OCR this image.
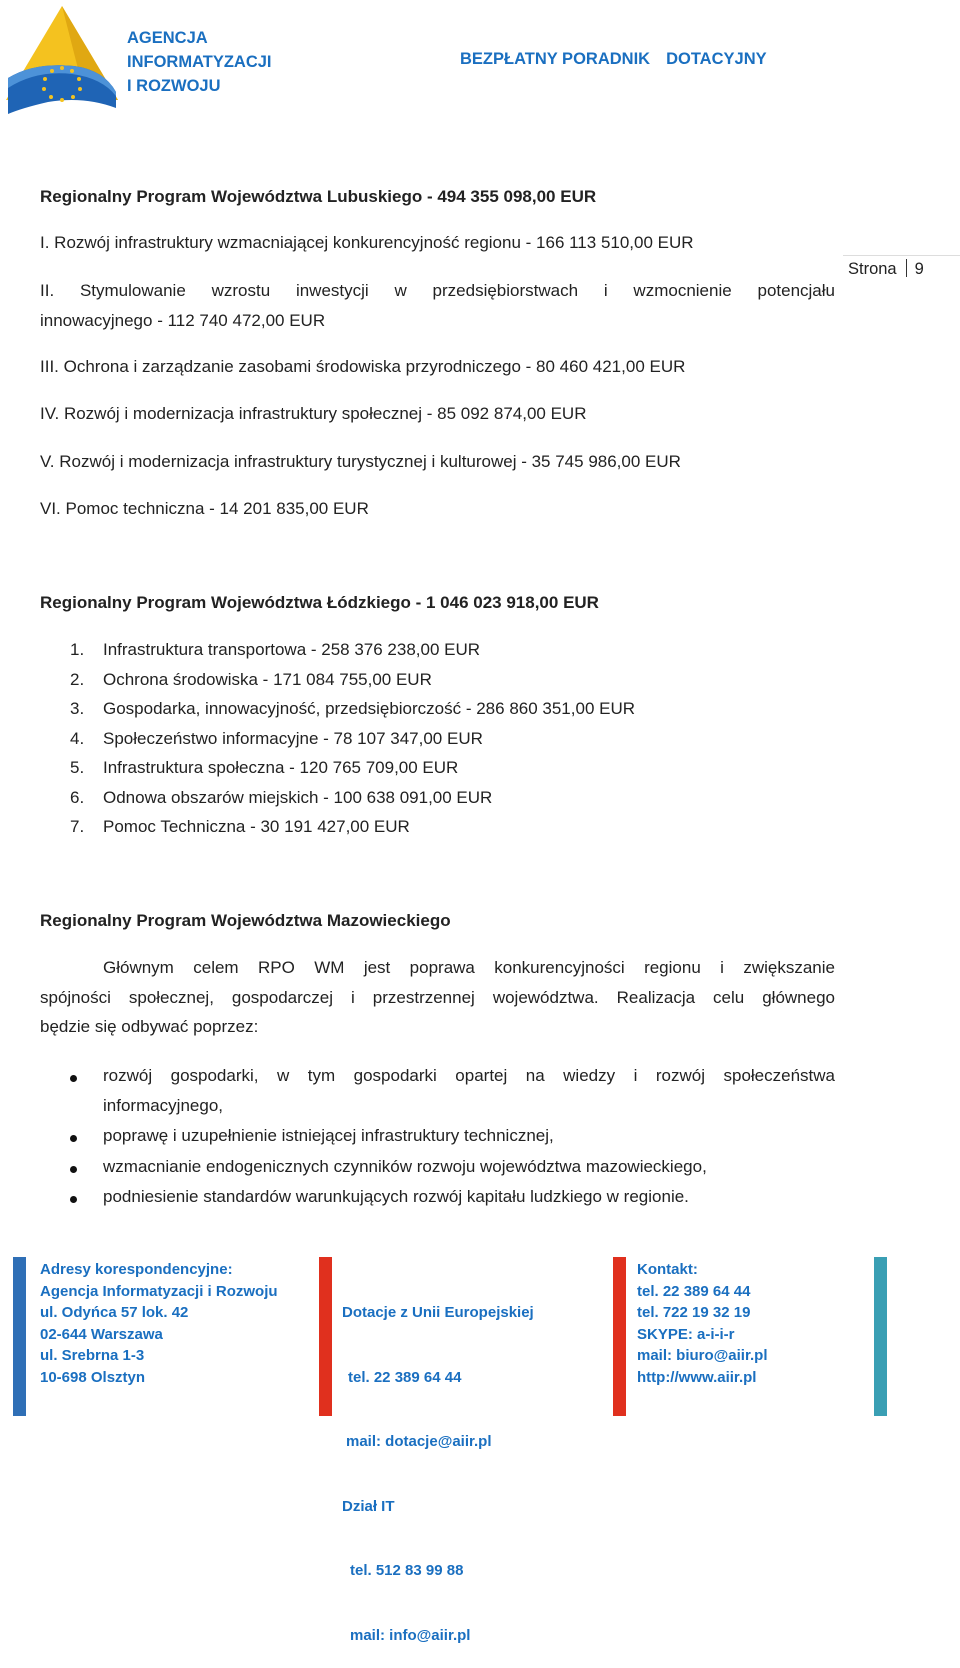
AGENCJA
INFORMATYZACJI
I ROZWOJU
BEZPŁATNY PORADNIK DOTACYJNY
Strona 9
Regionalny Program Województwa Lubuskiego - 494 355 098,00 EUR
I. Rozwój infrastruktury wzmacniającej konkurencyjność regionu - 166 113 510,00 EUR
II. Stymulowanie wzrostu inwestycji w przedsiębiorstwach i wzmocnienie potencjału
innowacyjnego - 112 740 472,00 EUR
III. Ochrona i zarządzanie zasobami środowiska przyrodniczego - 80 460 421,00 EUR
IV. Rozwój i modernizacja infrastruktury społecznej - 85 092 874,00 EUR
V. Rozwój i modernizacja infrastruktury turystycznej i kulturowej - 35 745 986,00 EUR
VI. Pomoc techniczna - 14 201 835,00 EUR
Regionalny Program Województwa Łódzkiego - 1 046 023 918,00 EUR
1. Infrastruktura transportowa - 258 376 238,00 EUR
2. Ochrona środowiska - 171 084 755,00 EUR
3. Gospodarka, innowacyjność, przedsiębiorczość - 286 860 351,00 EUR
4. Społeczeństwo informacyjne - 78 107 347,00 EUR
5. Infrastruktura społeczna - 120 765 709,00 EUR
6. Odnowa obszarów miejskich - 100 638 091,00 EUR
7. Pomoc Techniczna - 30 191 427,00 EUR
Regionalny Program Województwa Mazowieckiego
Głównym celem RPO WM jest poprawa konkurencyjności regionu i zwiększanie
spójności społecznej, gospodarczej i przestrzennej województwa. Realizacja celu głównego
będzie się odbywać poprzez:
rozwój gospodarki, w tym gospodarki opartej na wiedzy i rozwój społeczeństwa
informacyjnego,
poprawę i uzupełnienie istniejącej infrastruktury technicznej,
wzmacnianie endogenicznych czynników rozwoju województwa mazowieckiego,
podniesienie standardów warunkujących rozwój kapitału ludzkiego w regionie.
Adresy korespondencyjne:
Agencja Informatyzacji i Rozwoju
ul. Odyńca 57 lok. 42
02-644 Warszawa
ul. Srebrna 1-3
10-698 Olsztyn

Dotacje z Unii Europejskiej

tel. 22 389 64 44

mail: dotacje@aiir.pl

Dział IT

tel. 512 83 99 88

mail: info@aiir.pl

Kontakt:
tel. 22 389 64 44
tel. 722 19 32 19
SKYPE: a-i-i-r
mail: biuro@aiir.pl
http://www.aiir.pl
